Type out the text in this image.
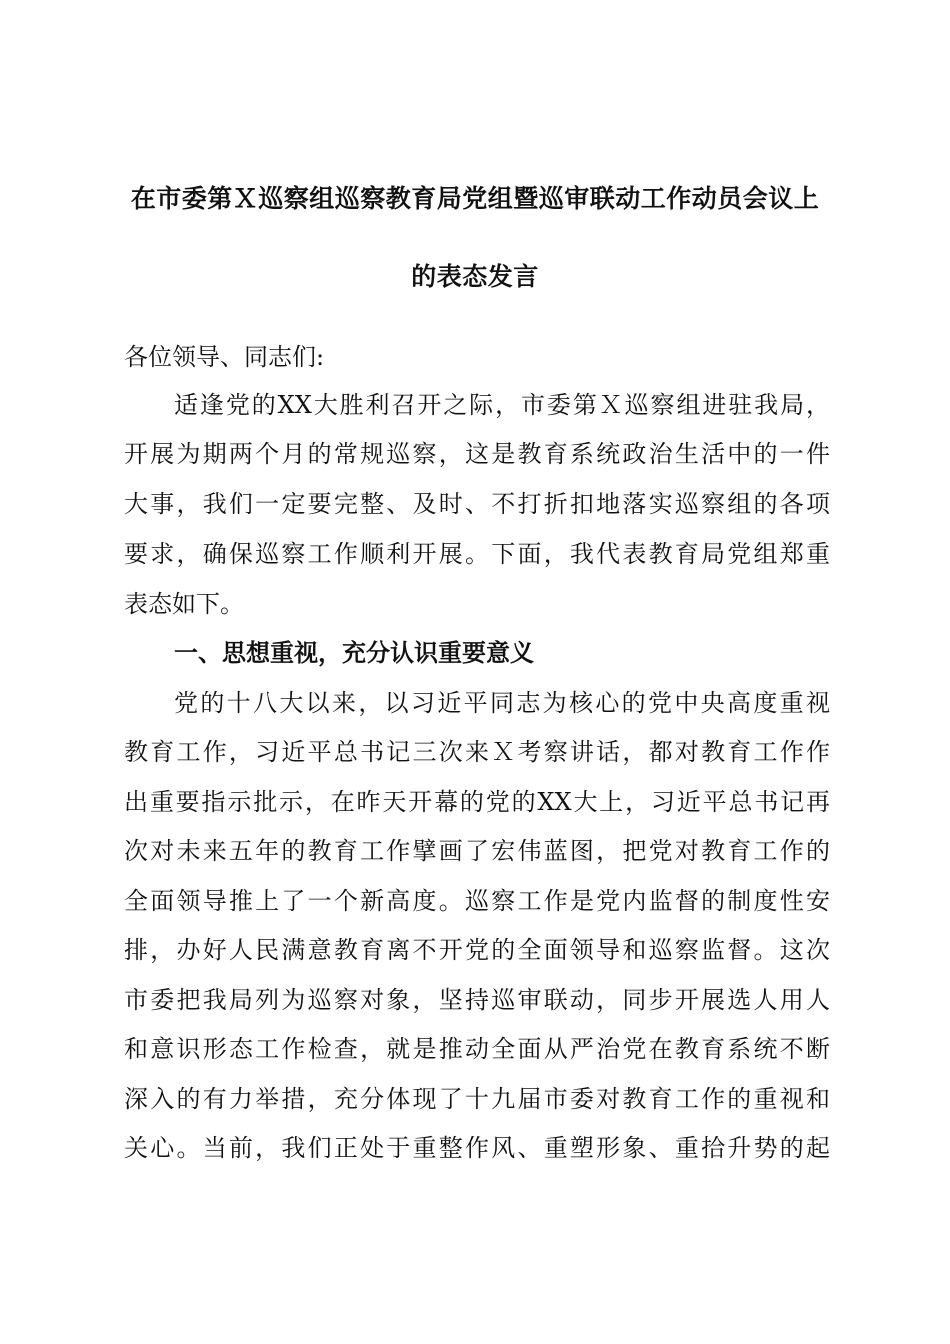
在市委第Ｘ巡察组巡察教育局党组暨巡审联动工作动员会议上
的表态发言
各位领导、同志们:
适逢党的XX大胜利召开之际，市委第Ｘ巡察组进驻我局，
开展为期两个月的常规巡察，这是教育系统政治生活中的一件
大事，我们一定要完整、及时、不打折扣地落实巡察组的各项
要求，确保巡察工作顺利开展。下面，我代表教育局党组郑重
表态如下。
一、思想重视，充分认识重要意义
党的十八大以来，以习近平同志为核心的党中央高度重视
教育工作，习近平总书记三次来Ｘ考察讲话，都对教育工作作
出重要指示批示，在昨天开幕的党的XX大上，习近平总书记再
次对未来五年的教育工作擘画了宏伟蓝图，把党对教育工作的
全面领导推上了一个新高度。巡察工作是党内监督的制度性安
排，办好人民满意教育离不开党的全面领导和巡察监督。这次
市委把我局列为巡察对象，坚持巡审联动，同步开展选人用人
和意识形态工作检查，就是推动全面从严治党在教育系统不断
深入的有力举措，充分体现了十九届市委对教育工作的重视和
关心。当前，我们正处于重整作风、重塑形象、重拾升势的起
